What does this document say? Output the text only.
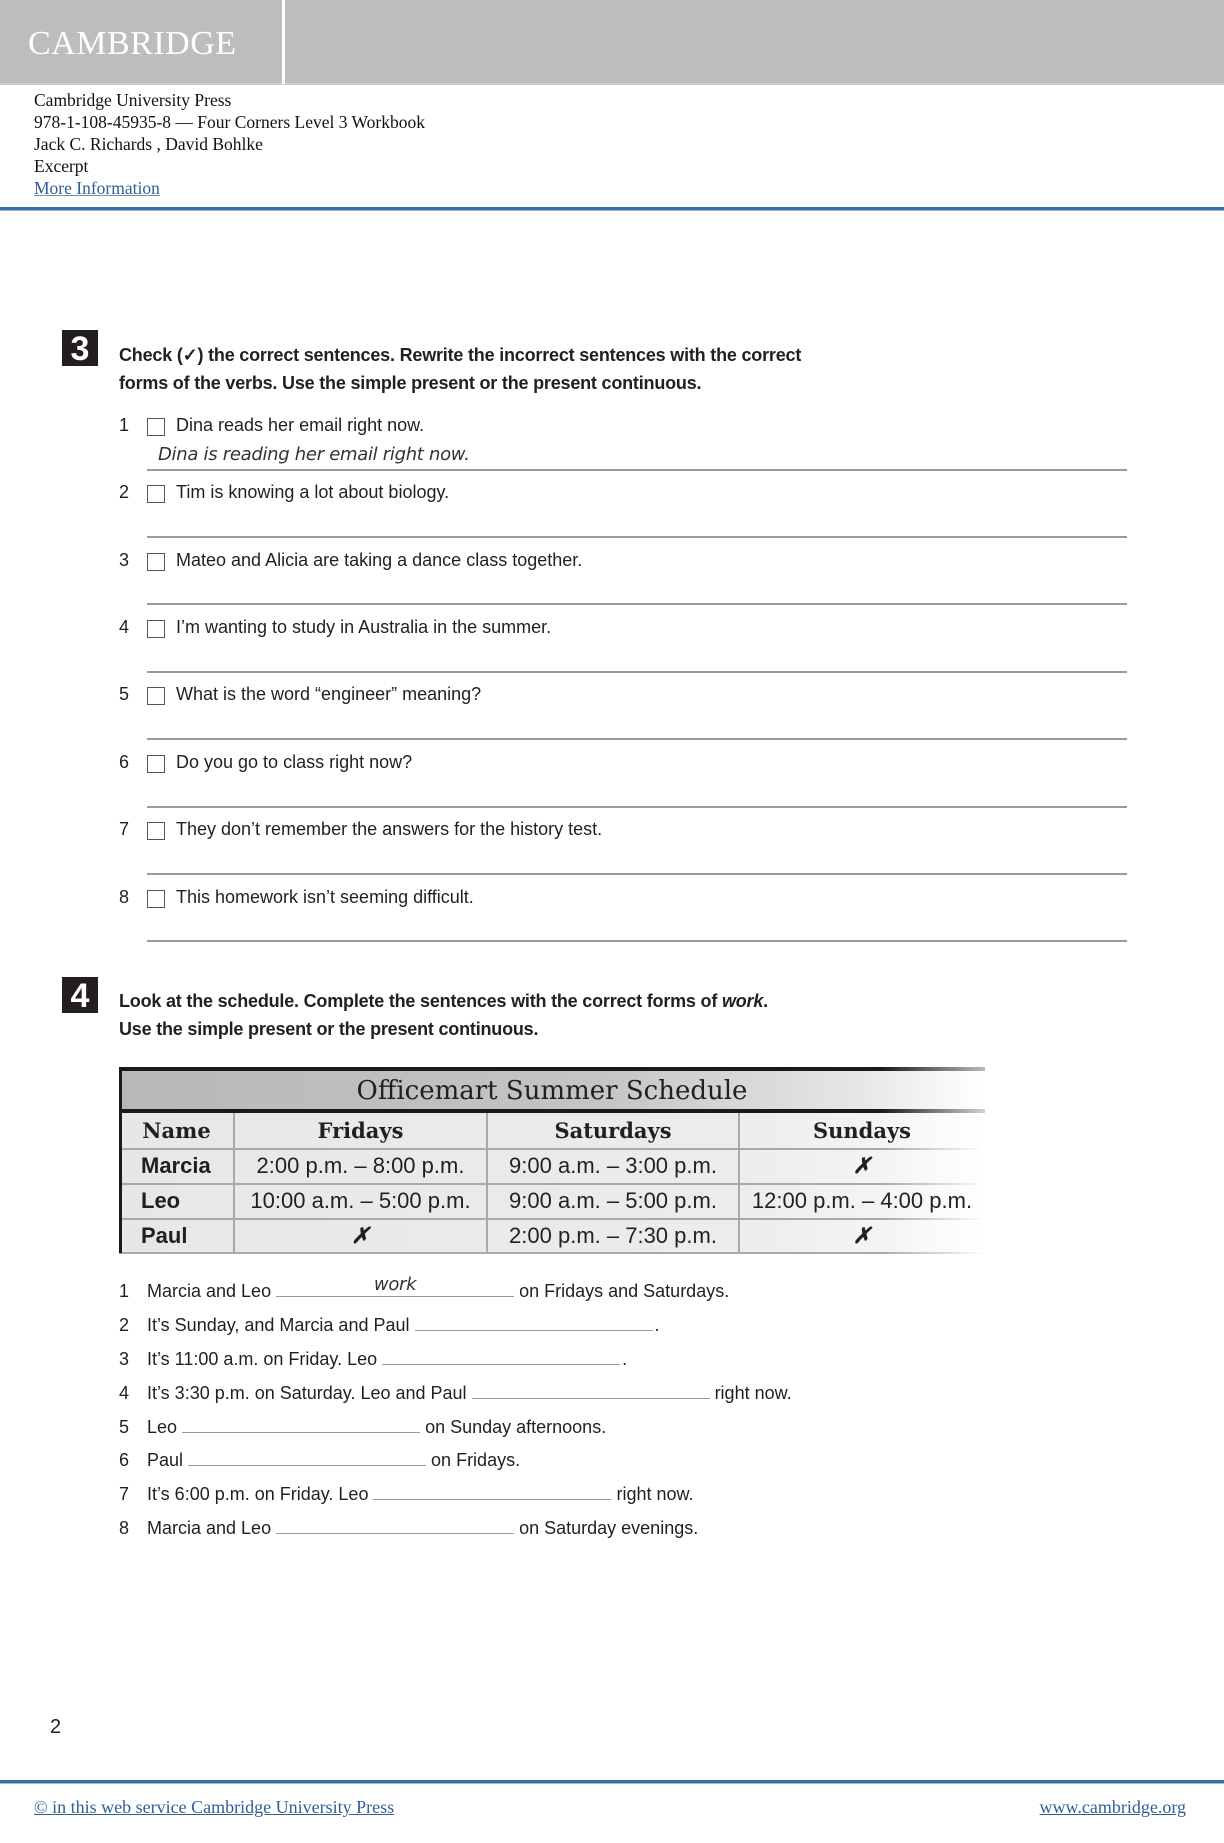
CAMBRIDGE
Cambridge University Press
978-1-108-45935-8 — Four Corners Level 3 Workbook
Jack C. Richards , David Bohlke
Excerpt
More Information
3	Check (✓) the correct sentences. Rewrite the incorrect sentences with the correct
forms of the verbs. Use the simple present or the present continuous.
1	Dina reads her email right now.
Dina is reading her email right now.
2	Tim is knowing a lot about biology.
3	Mateo and Alicia are taking a dance class together.
4	I’m wanting to study in Australia in the summer.
5	What is the word “engineer” meaning?
6	Do you go to class right now?
7	They don’t remember the answers for the history test.
8	This homework isn’t seeming difficult.
4	Look at the schedule. Complete the sentences with the correct forms of work.
Use the simple present or the present continuous.
Officemart Summer Schedule
Name	Fridays	Saturdays	Sundays
Marcia	2:00 p.m. – 8:00 p.m.	9:00 a.m. – 3:00 p.m.	✗
Leo	10:00 a.m. – 5:00 p.m.	9:00 a.m. – 5:00 p.m.	12:00 p.m. – 4:00 p.m.
Paul	✗	2:00 p.m. – 7:30 p.m.	✗
1 Marcia and Leo	work	on Fridays and Saturdays.
2 It’s Sunday, and Marcia and Paul	.
3 It’s 11:00 a.m. on Friday. Leo	.
4 It’s 3:30 p.m. on Saturday. Leo and Paul	right now.
5 Leo	on Sunday afternoons.
6 Paul	on Fridays.
7 It’s 6:00 p.m. on Friday. Leo	right now.
8 Marcia and Leo	on Saturday evenings.
2
© in this web service Cambridge University Press	www.cambridge.org
